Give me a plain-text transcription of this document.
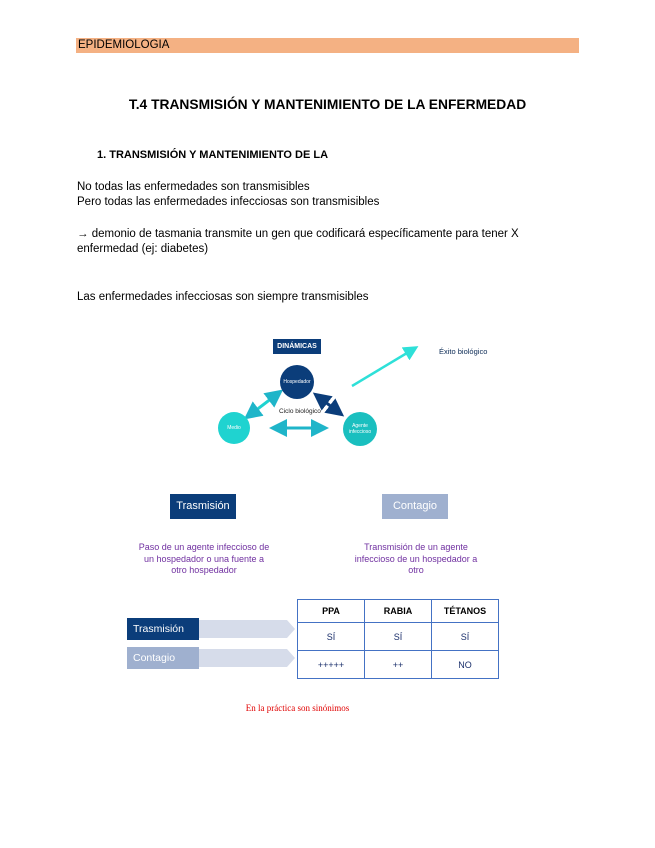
EPIDEMIOLOGIA
T.4 TRANSMISIÓN Y MANTENIMIENTO DE LA ENFERMEDAD
1. TRANSMISIÓN Y MANTENIMIENTO DE LA
No todas las enfermedades son transmisibles
Pero todas las enfermedades infecciosas son transmisibles
→ demonio de tasmania transmite un gen que codificará específicamente para tener X
enfermedad (ej: diabetes)
Las enfermedades infecciosas son siempre transmisibles
DINÁMICAS
Éxito biológico
Ciclo biológico
Hospedador
Medio	Agente infeccioso
Trasmisión	Contagio
Paso de un agente infeccioso de un hospedador o una fuente a otro hospedador
Transmisión de un agente infeccioso de un hospedador a otro
Trasmisión
Contagio
PPA	RABIA	TÉTANOS
SÍ	SÍ	SÍ
+++++	++	NO
En la práctica son sinónimos
